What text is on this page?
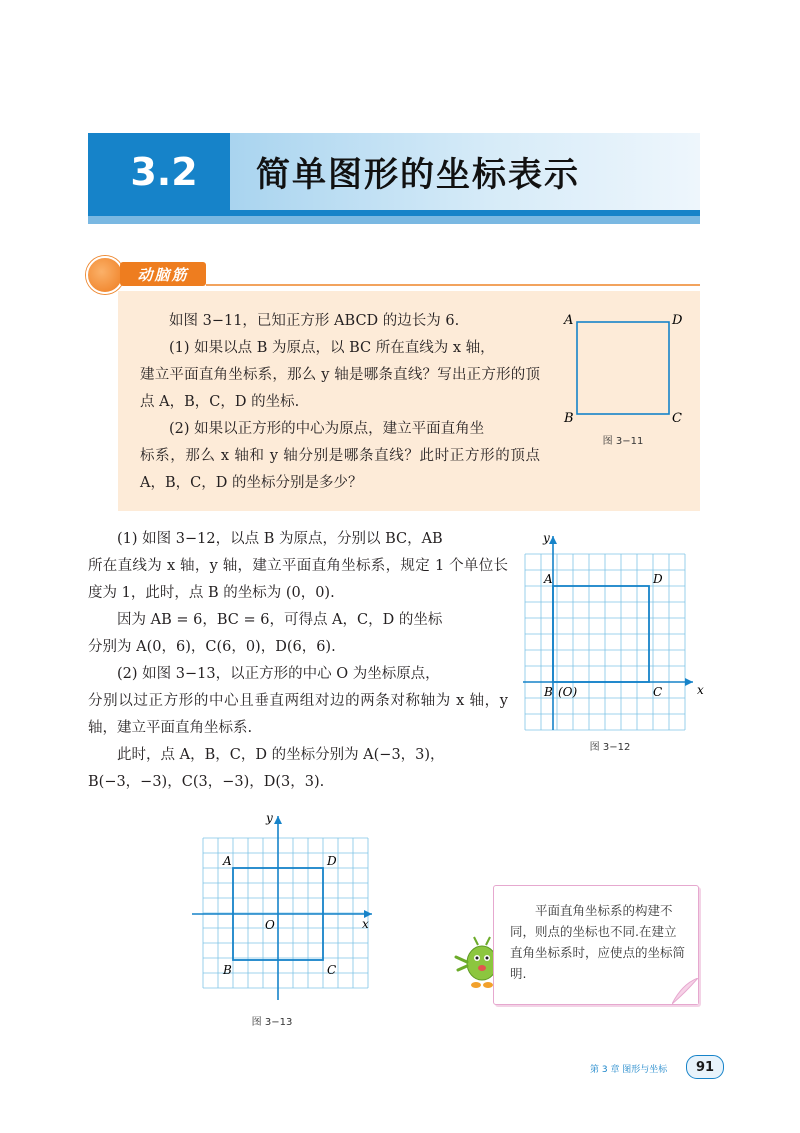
3.2	简单图形的坐标表示
动脑筋

如图 3−11，已知正方形 ABCD 的边长为 6.

(1) 如果以点 B 为原点，以 BC 所在直线为 x 轴，

建立平面直角坐标系，那么 y 轴是哪条直线？写出正方形的顶点 A，B，C，D 的坐标.

(2) 如果以正方形的中心为原点，建立平面直角坐

标系，那么 x 轴和 y 轴分别是哪条直线？此时正方形的顶点 A，B，C，D 的坐标分别是多少？

A	D
B	C
图 3−11

(1) 如图 3−12，以点 B 为原点，分别以 BC，AB

所在直线为 x 轴，y 轴，建立平面直角坐标系，规定 1 个单位长度为 1，此时，点 B 的坐标为 (0，0).

因为 AB = 6，BC = 6，可得点 A，C，D 的坐标

分别为 A(0，6)，C(6，0)，D(6，6).

(2) 如图 3−13，以正方形的中心 O 为坐标原点，

分别以过正方形的中心且垂直两组对边的两条对称轴为 x 轴，y 轴，建立平面直角坐标系.

此时，点 A，B，C，D 的坐标分别为 A(−3，3)，

B(−3，−3)，C(3，−3)，D(3，3).

x
y
A	D
B (O)	C
图 3−12
x
y
A	D
O
B	C
图 3−13
平面直角坐标系的构建不同，则点的坐标也不同.在建立直角坐标系时，应使点的坐标简明.
第 3 章 图形与坐标	91
